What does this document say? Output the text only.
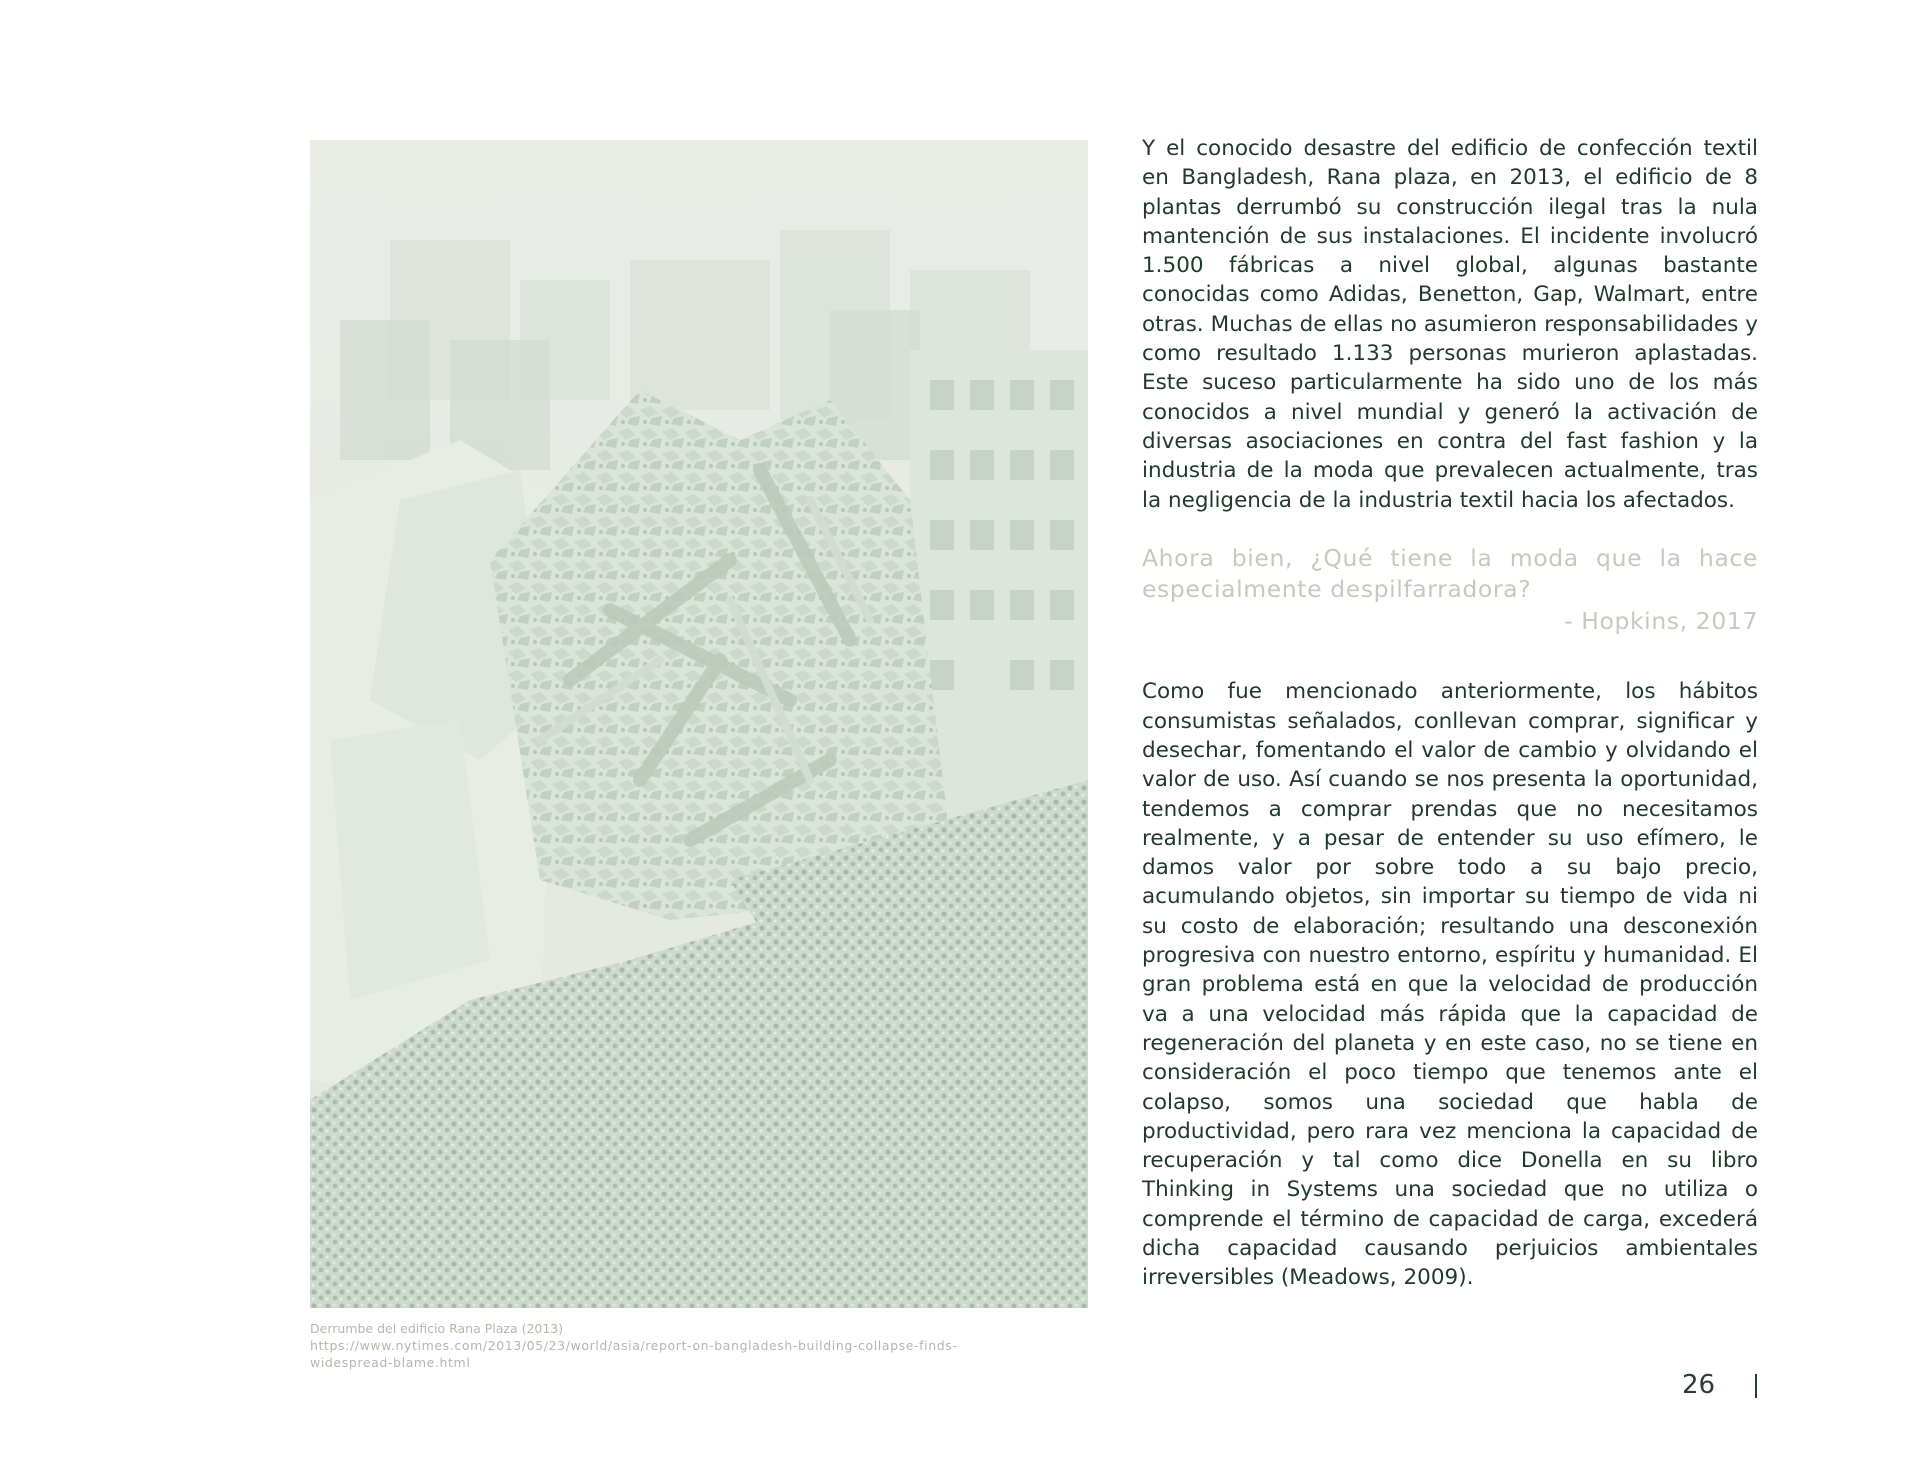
Derrumbe del edificio Rana Plaza (2013)
https://www.nytimes.com/2013/05/23/world/asia/report-on-bangladesh-building-collapse-finds-
widespread-blame.html

Y el conocido desastre del edificio de confección textil en Bangladesh, Rana plaza, en 2013, el edificio de 8 plantas derrumbó su construcción ilegal tras la nula mantención de sus instalaciones. El incidente involucró 1.500 fábricas a nivel global, algunas bastante conocidas como Adidas, Benetton, Gap, Walmart, entre otras. Muchas de ellas no asumieron responsabilidades y como resultado 1.133 personas murieron aplastadas. Este suceso particularmente ha sido uno de los más conocidos a nivel mundial y generó la activación de diversas asociaciones en contra del fast fashion y la industria de la moda que prevalecen actualmente, tras la negligencia de la industria textil hacia los afectados.

Ahora bien, ¿Qué tiene la moda que la hace especialmente despilfarradora?

- Hopkins, 2017

Como fue mencionado anteriormente, los hábitos consumistas señalados, conllevan comprar, significar y desechar, fomentando el valor de cambio y olvidando el valor de uso. Así cuando se nos presenta la oportunidad, tendemos a comprar prendas que no necesitamos realmente, y a pesar de entender su uso efímero, le damos valor por sobre todo a su bajo precio, acumulando objetos, sin importar su tiempo de vida ni su costo de elaboración; resultando una desconexión progresiva con nuestro entorno, espíritu y humanidad. El gran problema está en que la velocidad de producción va a una velocidad más rápida que la capacidad de regeneración del planeta y en este caso, no se tiene en consideración el poco tiempo que tenemos ante el colapso, somos una sociedad que habla de productividad, pero rara vez menciona la capacidad de recuperación y tal como dice Donella en su libro Thinking in Systems una sociedad que no utiliza o comprende el término de capacidad de carga, excederá dicha capacidad causando perjuicios ambientales irreversibles (Meadows, 2009).

26
